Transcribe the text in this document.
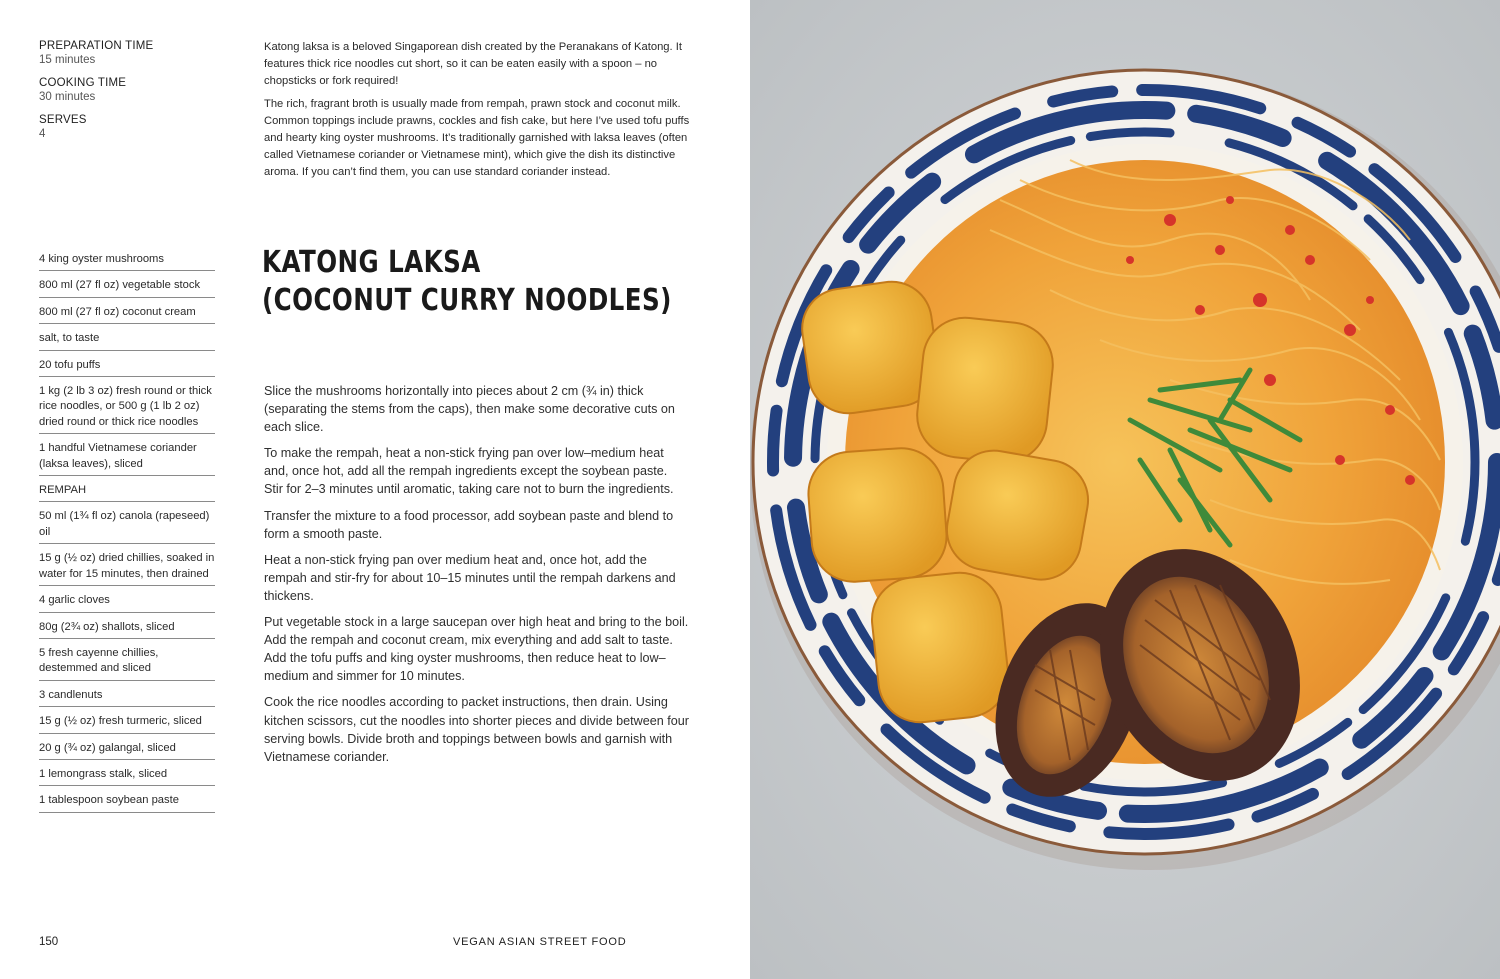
PREPARATION TIME
15 minutes
COOKING TIME
30 minutes
SERVES
4

Katong laksa is a beloved Singaporean dish created by the Peranakans of Katong. It features thick rice noodles cut short, so it can be eaten easily with a spoon – no chopsticks or fork required!

The rich, fragrant broth is usually made from rempah, prawn stock and coconut milk. Common toppings include prawns, cockles and fish cake, but here I’ve used tofu puffs and hearty king oyster mushrooms. It’s traditionally garnished with laksa leaves (often called Vietnamese coriander or Vietnamese mint), which give the dish its distinctive aroma. If you can’t find them, you can use standard coriander instead.

KATONG LAKSA
(COCONUT CURRY NOODLES)
4 king oyster mushrooms
800 ml (27 fl oz) vegetable stock
800 ml (27 fl oz) coconut cream
salt, to taste
20 tofu puffs
1 kg (2 lb 3 oz) fresh round or thick rice noodles, or 500 g (1 lb 2 oz) dried round or thick rice noodles
1 handful Vietnamese coriander (laksa leaves), sliced
REMPAH
50 ml (1¾ fl oz) canola (rapeseed) oil
15 g (½ oz) dried chillies, soaked in water for 15 minutes, then drained
4 garlic cloves
80g (2¾ oz) shallots, sliced
5 fresh cayenne chillies, destemmed and sliced
3 candlenuts
15 g (½ oz) fresh turmeric, sliced
20 g (¾ oz) galangal, sliced
1 lemongrass stalk, sliced
1 tablespoon soybean paste

Slice the mushrooms horizontally into pieces about 2 cm (¾ in) thick (separating the stems from the caps), then make some decorative cuts on each slice.

To make the rempah, heat a non-stick frying pan over low–medium heat and, once hot, add all the rempah ingredients except the soybean paste. Stir for 2–3 minutes until aromatic, taking care not to burn the ingredients.

Transfer the mixture to a food processor, add soybean paste and blend to form a smooth paste.

Heat a non-stick frying pan over medium heat and, once hot, add the rempah and stir-fry for about 10–15 minutes until the rempah darkens and thickens.

Put vegetable stock in a large saucepan over high heat and bring to the boil. Add the rempah and coconut cream, mix everything and add salt to taste. Add the tofu puffs and king oyster mushrooms, then reduce heat to low–medium and simmer for 10 minutes.

Cook the rice noodles according to packet instructions, then drain. Using kitchen scissors, cut the noodles into shorter pieces and divide between four serving bowls. Divide broth and toppings between bowls and garnish with Vietnamese coriander.

150	VEGAN ASIAN STREET FOOD
